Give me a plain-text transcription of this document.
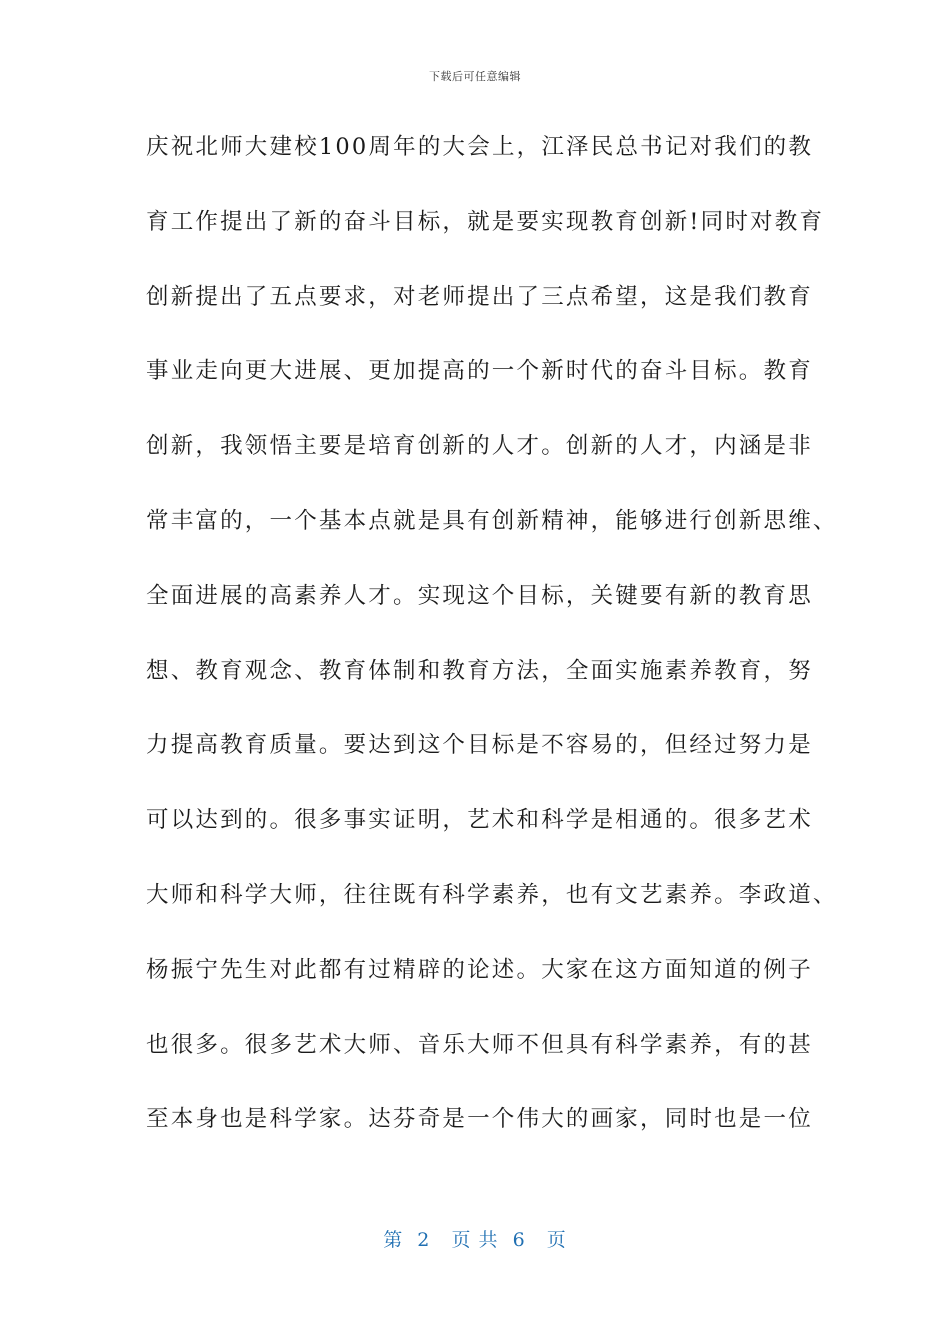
下载后可任意编辑
庆祝北师大建校100周年的大会上，江泽民总书记对我们的教
育工作提出了新的奋斗目标，就是要实现教育创新!同时对教育
创新提出了五点要求，对老师提出了三点希望，这是我们教育
事业走向更大进展、更加提高的一个新时代的奋斗目标。教育
创新，我领悟主要是培育创新的人才。创新的人才，内涵是非
常丰富的，一个基本点就是具有创新精神，能够进行创新思维、
全面进展的高素养人才。实现这个目标，关键要有新的教育思
想、教育观念、教育体制和教育方法，全面实施素养教育，努
力提高教育质量。要达到这个目标是不容易的，但经过努力是
可以达到的。很多事实证明，艺术和科学是相通的。很多艺术
大师和科学大师，往往既有科学素养，也有文艺素养。李政道、
杨振宁先生对此都有过精辟的论述。大家在这方面知道的例子
也很多。很多艺术大师、音乐大师不但具有科学素养，有的甚
至本身也是科学家。达芬奇是一个伟大的画家，同时也是一位
第  2   页 共  6   页
